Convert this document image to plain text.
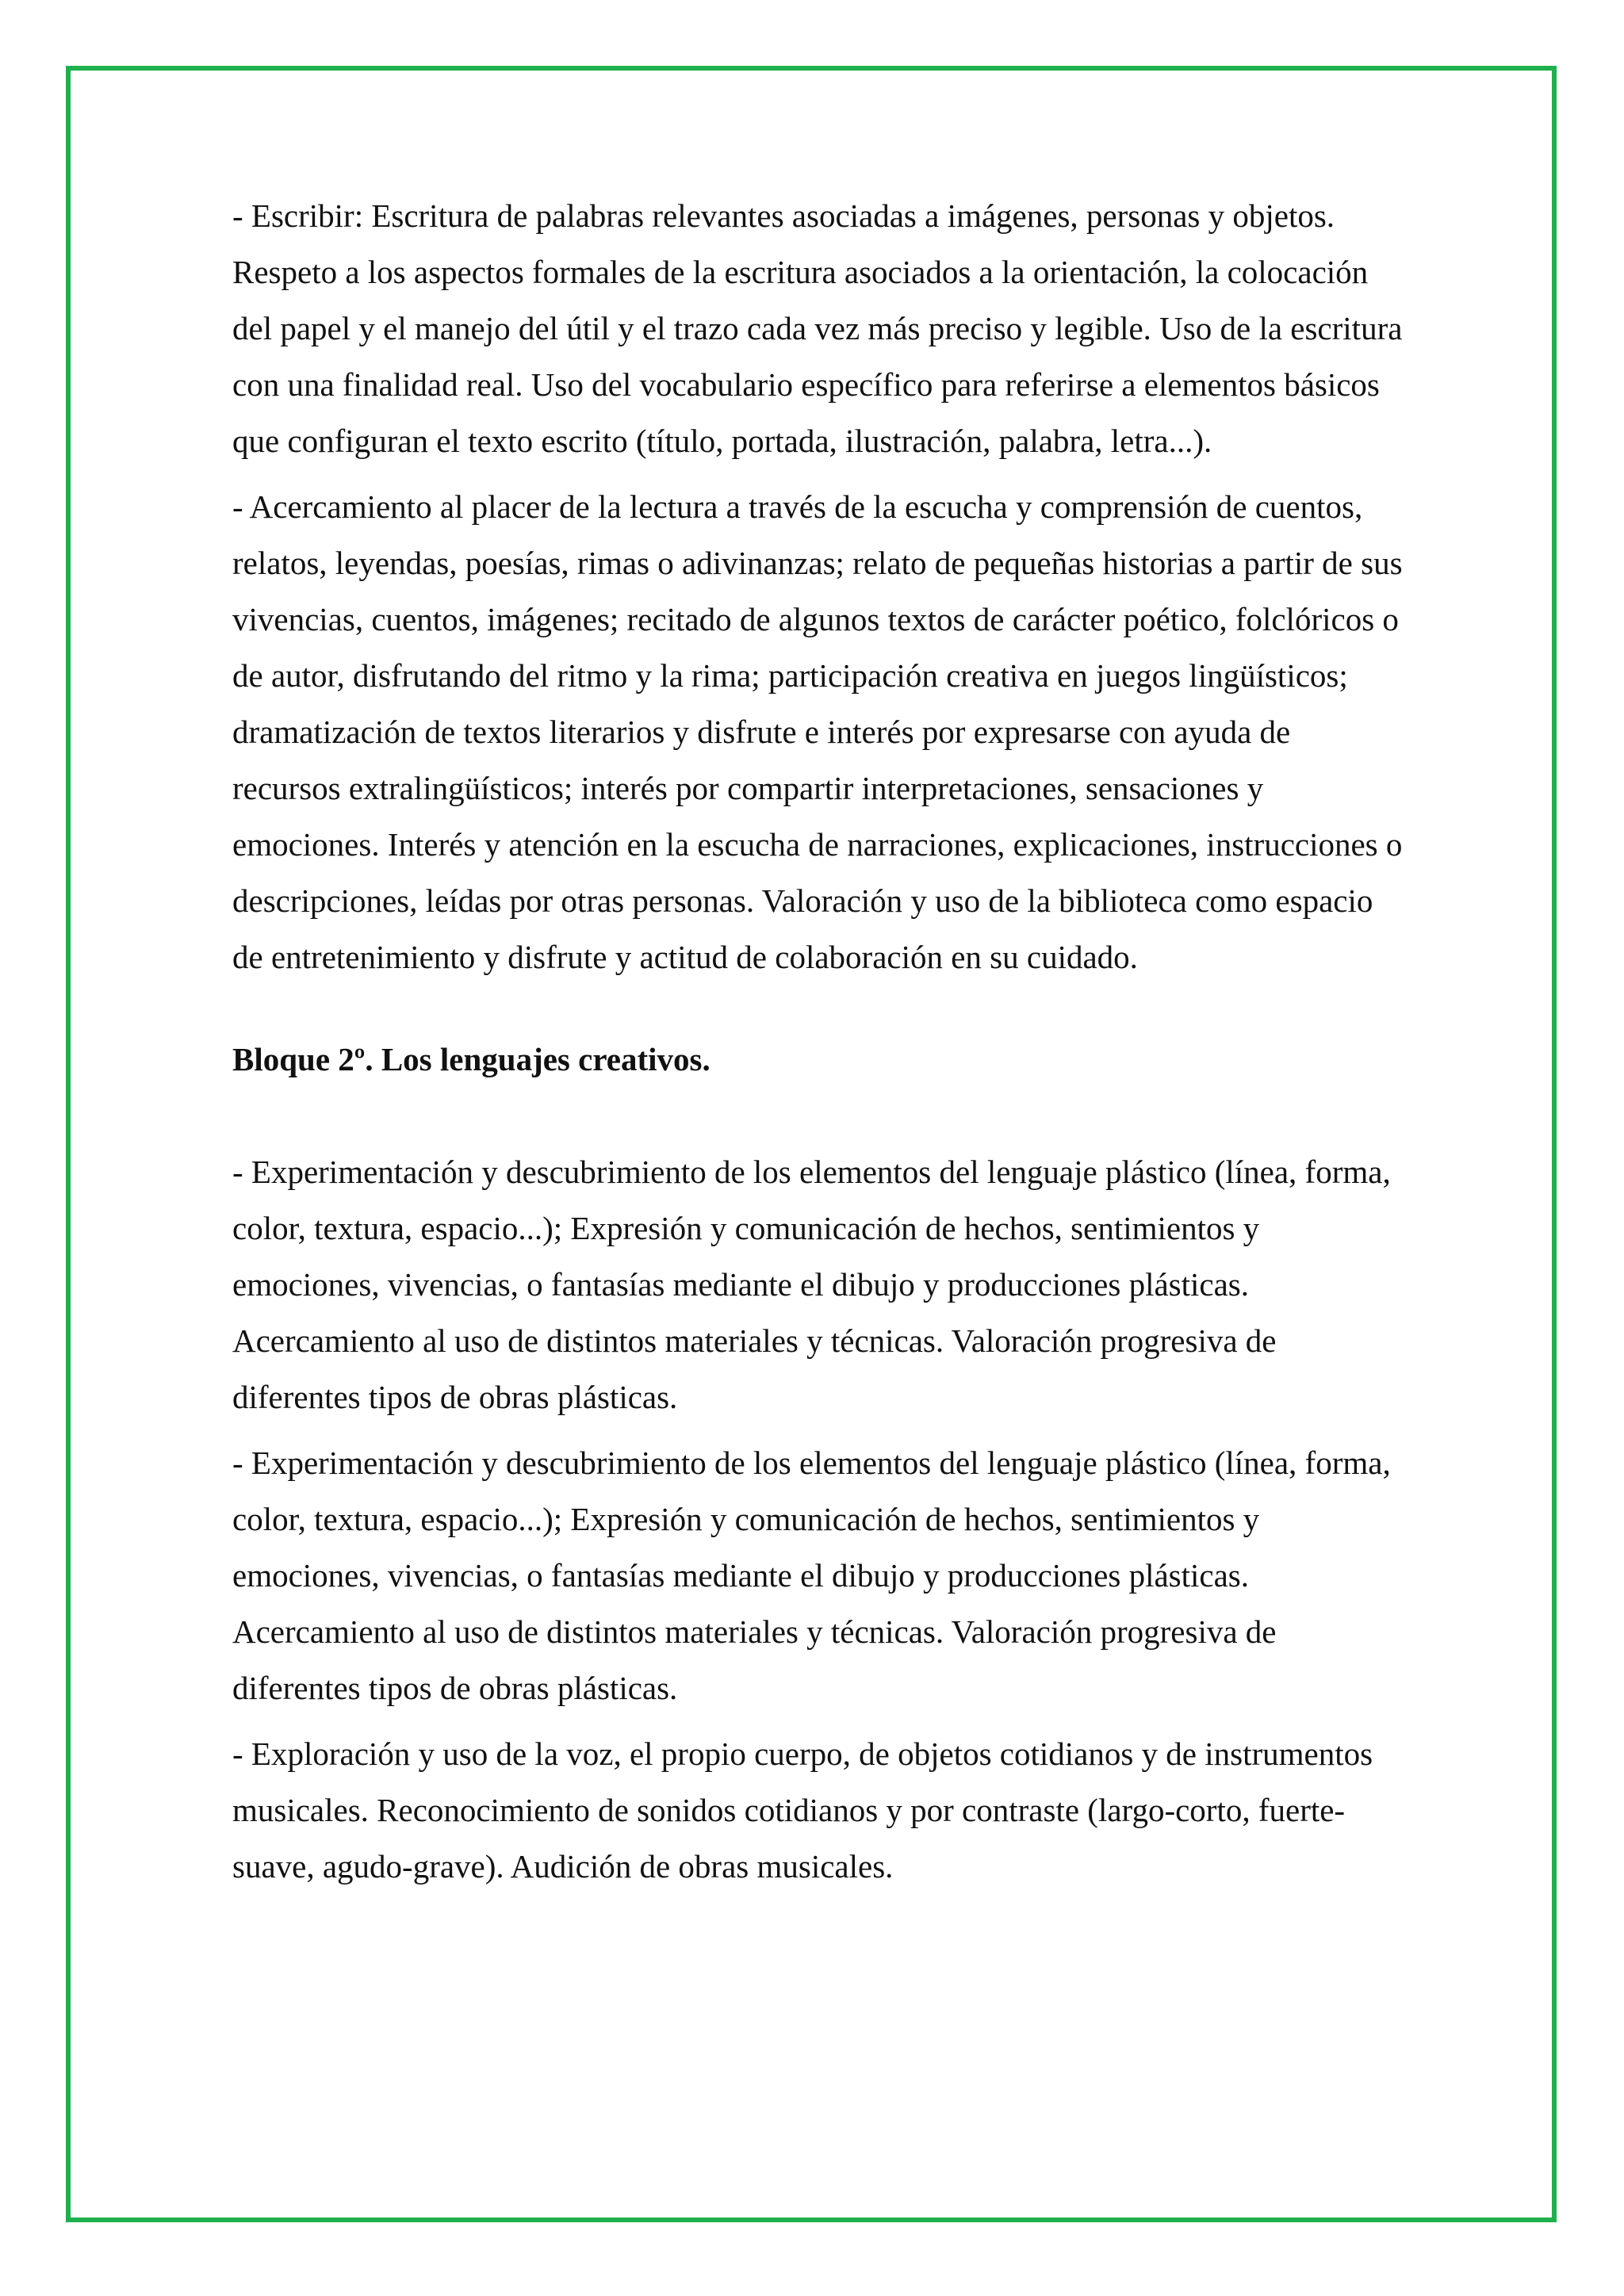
- Escribir: Escritura de palabras relevantes asociadas a imágenes, personas y objetos. Respeto a los aspectos formales de la escritura asociados a la orientación, la colocación del papel y el manejo del útil y el trazo cada vez más preciso y legible. Uso de la escritura con una finalidad real. Uso del vocabulario específico para referirse a elementos básicos que configuran el texto escrito (título, portada, ilustración, palabra, letra...).

- Acercamiento al placer de la lectura a través de la escucha y comprensión de cuentos, relatos, leyendas, poesías, rimas o adivinanzas; relato de pequeñas historias a partir de sus vivencias, cuentos, imágenes; recitado de algunos textos de carácter poético, folclóricos o de autor, disfrutando del ritmo y la rima; participación creativa en juegos lingüísticos; dramatización de textos literarios y disfrute e interés por expresarse con ayuda de recursos extralingüísticos; interés por compartir interpretaciones, sensaciones y emociones. Interés y atención en la escucha de narraciones, explicaciones, instrucciones o descripciones, leídas por otras personas. Valoración y uso de la biblioteca como espacio de entretenimiento y disfrute y actitud de colaboración en su cuidado.

Bloque 2º. Los lenguajes creativos.

- Experimentación y descubrimiento de los elementos del lenguaje plástico (línea, forma, color, textura, espacio...); Expresión y comunicación de hechos, sentimientos y emociones, vivencias, o fantasías mediante el dibujo y producciones plásticas. Acercamiento al uso de distintos materiales y técnicas. Valoración progresiva de diferentes tipos de obras plásticas.

- Experimentación y descubrimiento de los elementos del lenguaje plástico (línea, forma, color, textura, espacio...); Expresión y comunicación de hechos, sentimientos y emociones, vivencias, o fantasías mediante el dibujo y producciones plásticas. Acercamiento al uso de distintos materiales y técnicas. Valoración progresiva de diferentes tipos de obras plásticas.

- Exploración y uso de la voz, el propio cuerpo, de objetos cotidianos y de instrumentos musicales. Reconocimiento de sonidos cotidianos y por contraste (largo-corto, fuerte-suave, agudo-grave). Audición de obras musicales.
